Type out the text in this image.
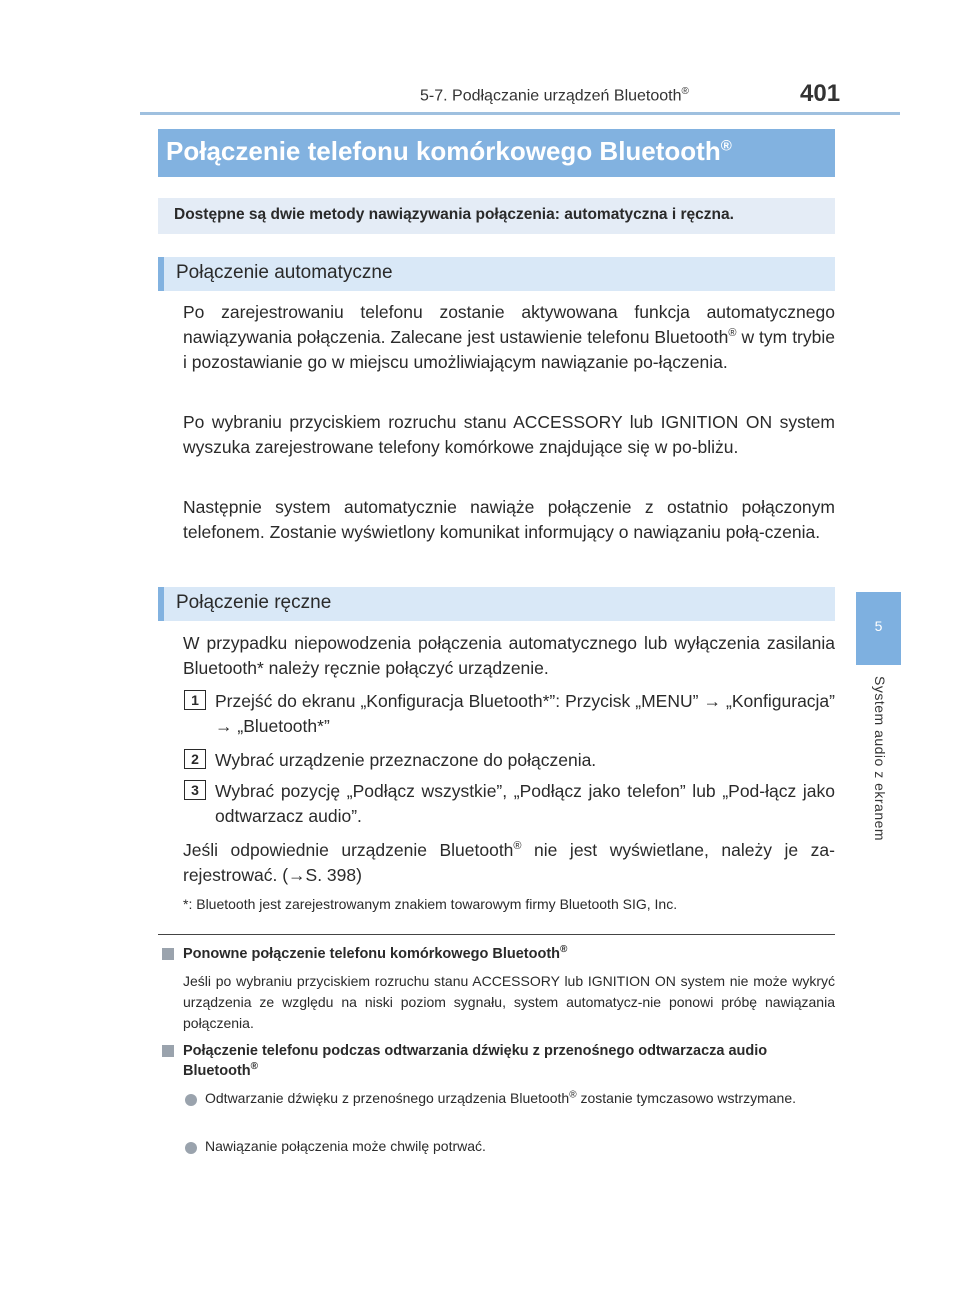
5-7. Podłączanie urządzeń Bluetooth®	401
5
System audio z ekranem
Połączenie telefonu komórkowego Bluetooth®
Dostępne są dwie metody nawiązywania połączenia: automatyczna i ręczna.
Połączenie automatyczne
Po zarejestrowaniu telefonu zostanie aktywowana funkcja automatycznego nawiązywania połączenia. Zalecane jest ustawienie telefonu Bluetooth® w tym trybie i pozostawianie go w miejscu umożliwiającym nawiązanie po-łączenia.
Po wybraniu przyciskiem rozruchu stanu ACCESSORY lub IGNITION ON system wyszuka zarejestrowane telefony komórkowe znajdujące się w po-bliżu.
Następnie system automatycznie nawiąże połączenie z ostatnio połączonym telefonem. Zostanie wyświetlony komunikat informujący o nawiązaniu połą-czenia.
Połączenie ręczne
W przypadku niepowodzenia połączenia automatycznego lub wyłączenia zasilania Bluetooth* należy ręcznie połączyć urządzenie.
1 Przejść do ekranu „Konfiguracja Bluetooth*”: Przycisk „MENU” → „Konfiguracja” → „Bluetooth*”
2 Wybrać urządzenie przeznaczone do połączenia.
3 Wybrać pozycję „Podłącz wszystkie”, „Podłącz jako telefon” lub „Pod-łącz jako odtwarzacz audio”.
Jeśli odpowiednie urządzenie Bluetooth® nie jest wyświetlane, należy je za-rejestrować. (→S. 398)
*: Bluetooth jest zarejestrowanym znakiem towarowym firmy Bluetooth SIG, Inc.
Ponowne połączenie telefonu komórkowego Bluetooth®
Jeśli po wybraniu przyciskiem rozruchu stanu ACCESSORY lub IGNITION ON system nie może wykryć urządzenia ze względu na niski poziom sygnału, system automatycz-nie ponowi próbę nawiązania połączenia.
Połączenie telefonu podczas odtwarzania dźwięku z przenośnego odtwarzacza audio Bluetooth®
Odtwarzanie dźwięku z przenośnego urządzenia Bluetooth® zostanie tymczasowo wstrzymane.
Nawiązanie połączenia może chwilę potrwać.
